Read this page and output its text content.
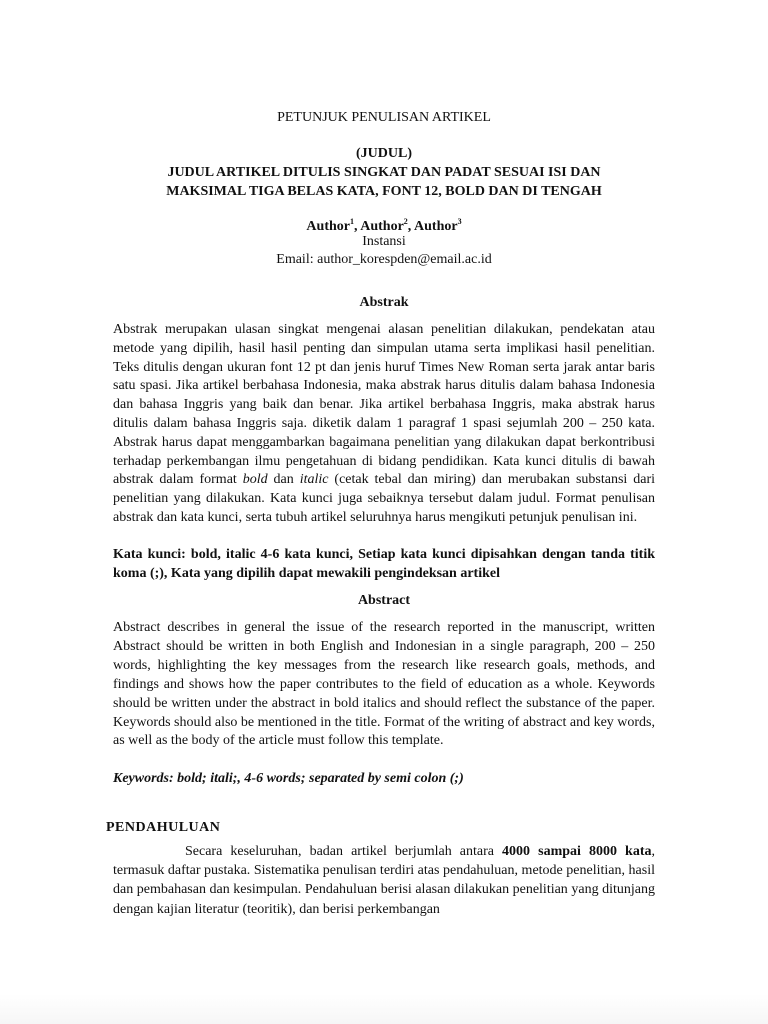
PETUNJUK PENULISAN ARTIKEL
(JUDUL)
JUDUL ARTIKEL DITULIS SINGKAT DAN PADAT SESUAI ISI DAN
MAKSIMAL TIGA BELAS KATA, FONT 12, BOLD DAN DI TENGAH
Author$^1$, Author$^2$, Author$^3$
Instansi
Email: author_korespden@email.ac.id
Abstrak
Abstrak merupakan ulasan singkat mengenai alasan penelitian dilakukan, pendekatan atau metode yang dipilih, hasil hasil penting dan simpulan utama serta implikasi hasil penelitian. Teks ditulis dengan ukuran font 12 pt dan jenis huruf Times New Roman serta jarak antar baris satu spasi. Jika artikel berbahasa Indonesia, maka abstrak harus ditulis dalam bahasa Indonesia dan bahasa Inggris yang baik dan benar. Jika artikel berbahasa Inggris, maka abstrak harus ditulis dalam bahasa Inggris saja. diketik dalam 1 paragraf 1 spasi sejumlah 200 – 250 kata. Abstrak harus dapat menggambarkan bagaimana penelitian yang dilakukan dapat berkontribusi terhadap perkembangan ilmu pengetahuan di bidang pendidikan. Kata kunci ditulis di bawah abstrak dalam format bold dan italic (cetak tebal dan miring) dan merubakan substansi dari penelitian yang dilakukan. Kata kunci juga sebaiknya tersebut dalam judul. Format penulisan abstrak dan kata kunci, serta tubuh artikel seluruhnya harus mengikuti petunjuk penulisan ini.
Kata kunci: bold, italic 4-6 kata kunci, Setiap kata kunci dipisahkan dengan tanda titik koma (;), Kata yang dipilih dapat mewakili pengindeksan artikel
Abstract
Abstract describes in general the issue of the research reported in the manuscript, written Abstract should be written in both English and Indonesian in a single paragraph, 200 – 250 words, highlighting the key messages from the research like research goals, methods, and findings and shows how the paper contributes to the field of education as a whole. Keywords should be written under the abstract in bold italics and should reflect the substance of the paper. Keywords should also be mentioned in the title. Format of the writing of abstract and key words, as well as the body of the article must follow this template.
Keywords: bold; itali;, 4-6 words; separated by semi colon (;)
PENDAHULUAN
Secara keseluruhan, badan artikel berjumlah antara 4000 sampai 8000 kata, termasuk daftar pustaka. Sistematika penulisan terdiri atas pendahuluan, metode penelitian, hasil dan pembahasan dan kesimpulan. Pendahuluan berisi alasan dilakukan penelitian yang ditunjang dengan kajian literatur (teoritik), dan berisi perkembangan
